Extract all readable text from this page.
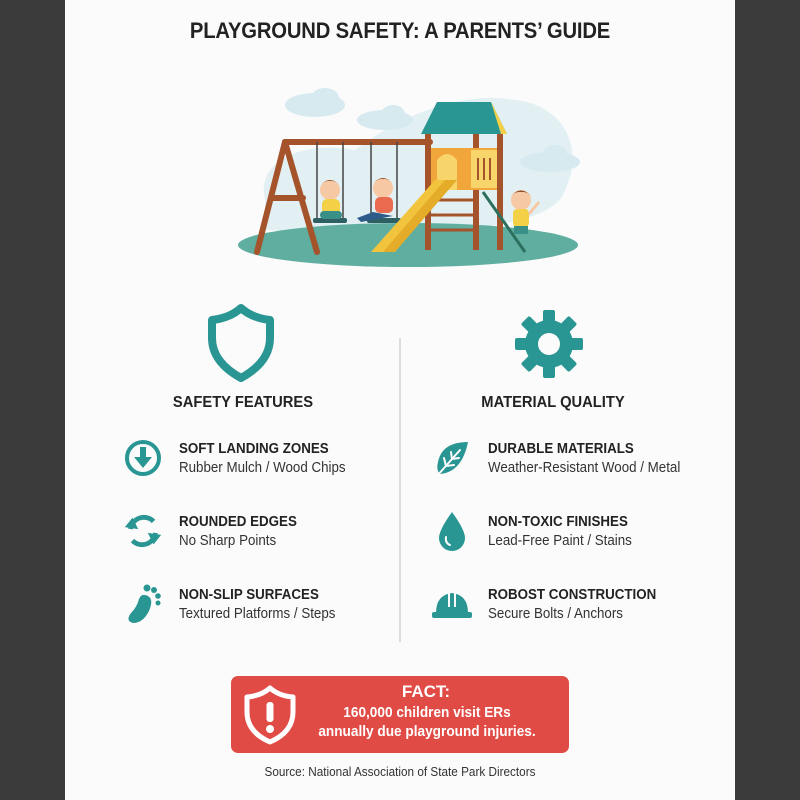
PLAYGROUND SAFETY: A PARENTS’ GUIDE
SAFETY FEATURES
SOFT LANDING ZONES
Rubber Mulch / Wood Chips
ROUNDED EDGES
No Sharp Points
NON-SLIP SURFACES
Textured Platforms / Steps
MATERIAL QUALITY
DURABLE MATERIALS
Weather-Resistant Wood / Metal
NON-TOXIC FINISHES
Lead-Free Paint / Stains
ROBOST CONSTRUCTION
Secure Bolts / Anchors
FACT:
160,000 children visit ERs
annually due playground injuries.
Source: National Association of State Park Directors
